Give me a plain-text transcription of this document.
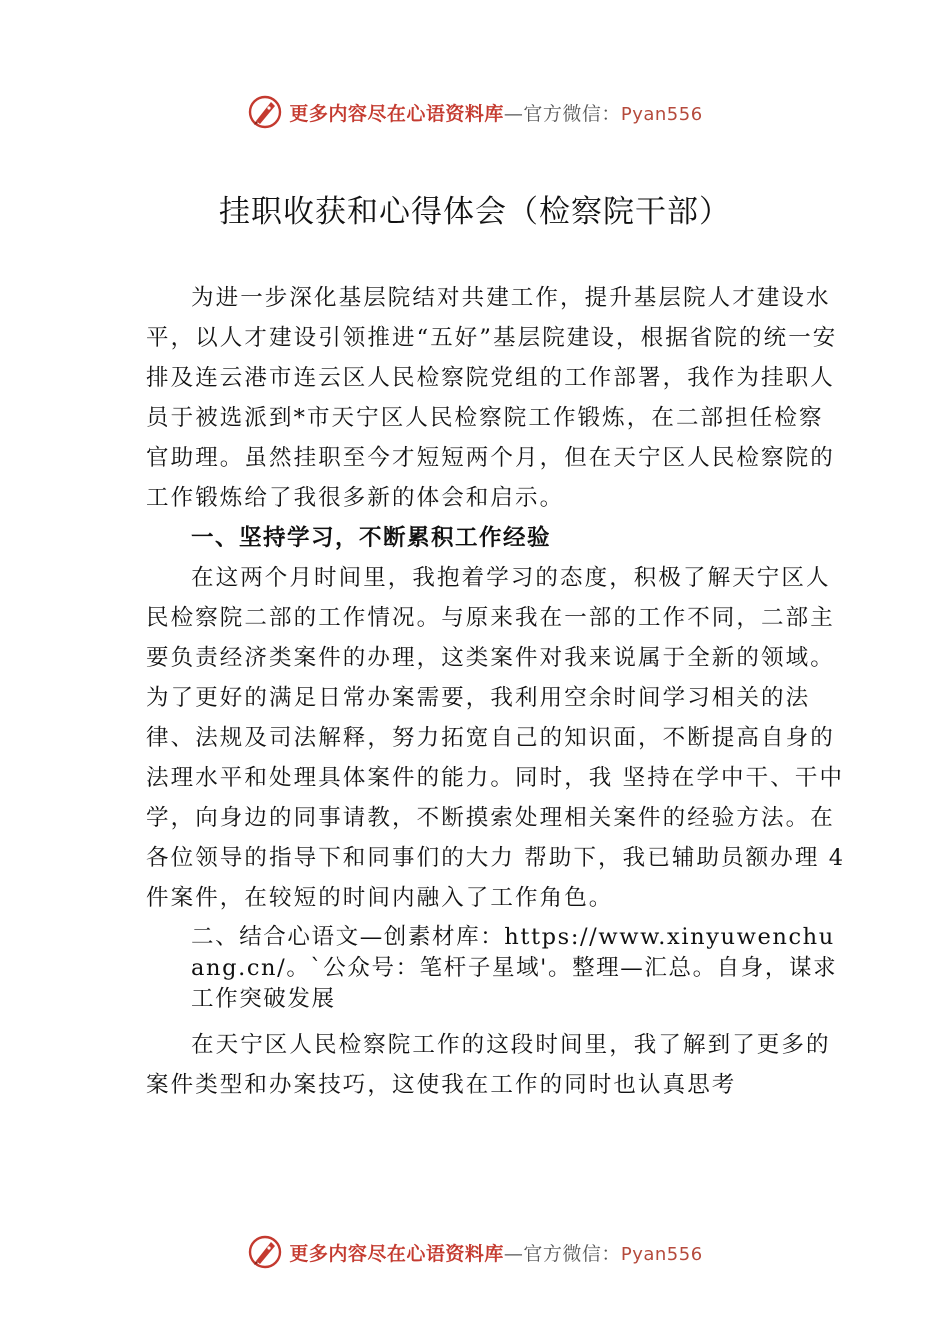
更多内容尽在心语资料库—官方微信：Pyan556
挂职收获和心得体会（检察院干部）

为进一步深化基层院结对共建工作，提升基层院人才建设水平，以人才建设引领推进“五好”基层院建设，根据省院的统一安排及连云港市连云区人民检察院党组的工作部署，我作为挂职人员于被选派到*市天宁区人民检察院工作锻炼，在二部担任检察官助理。虽然挂职至今才短短两个月，但在天宁区人民检察院的工作锻炼给了我很多新的体会和启示。

一、坚持学习，不断累积工作经验

在这两个月时间里，我抱着学习的态度，积极了解天宁区人民检察院二部的工作情况。与原来我在一部的工作不同，二部主要负责经济类案件的办理，这类案件对我来说属于全新的领域。为了更好的满足日常办案需要，我利用空余时间学习相关的法律、法规及司法解释，努力拓宽自己的知识面，不断提高自身的法理水平和处理具体案件的能力。同时，我 坚持在学中干、干中学，向身边的同事请教，不断摸索处理相关案件的经验方法。在各位领导的指导下和同事们的大力 帮助下，我已辅助员额办理 4 件案件，在较短的时间内融入了工作角色。

二、结合心语文—创素材库：https://www.xinyuwenchuang.cn/。`公众号：笔杆子星域'。整理—汇总。自身，谋求工作突破发展

在天宁区人民检察院工作的这段时间里，我了解到了更多的案件类型和办案技巧，这使我在工作的同时也认真思考

更多内容尽在心语资料库—官方微信：Pyan556
